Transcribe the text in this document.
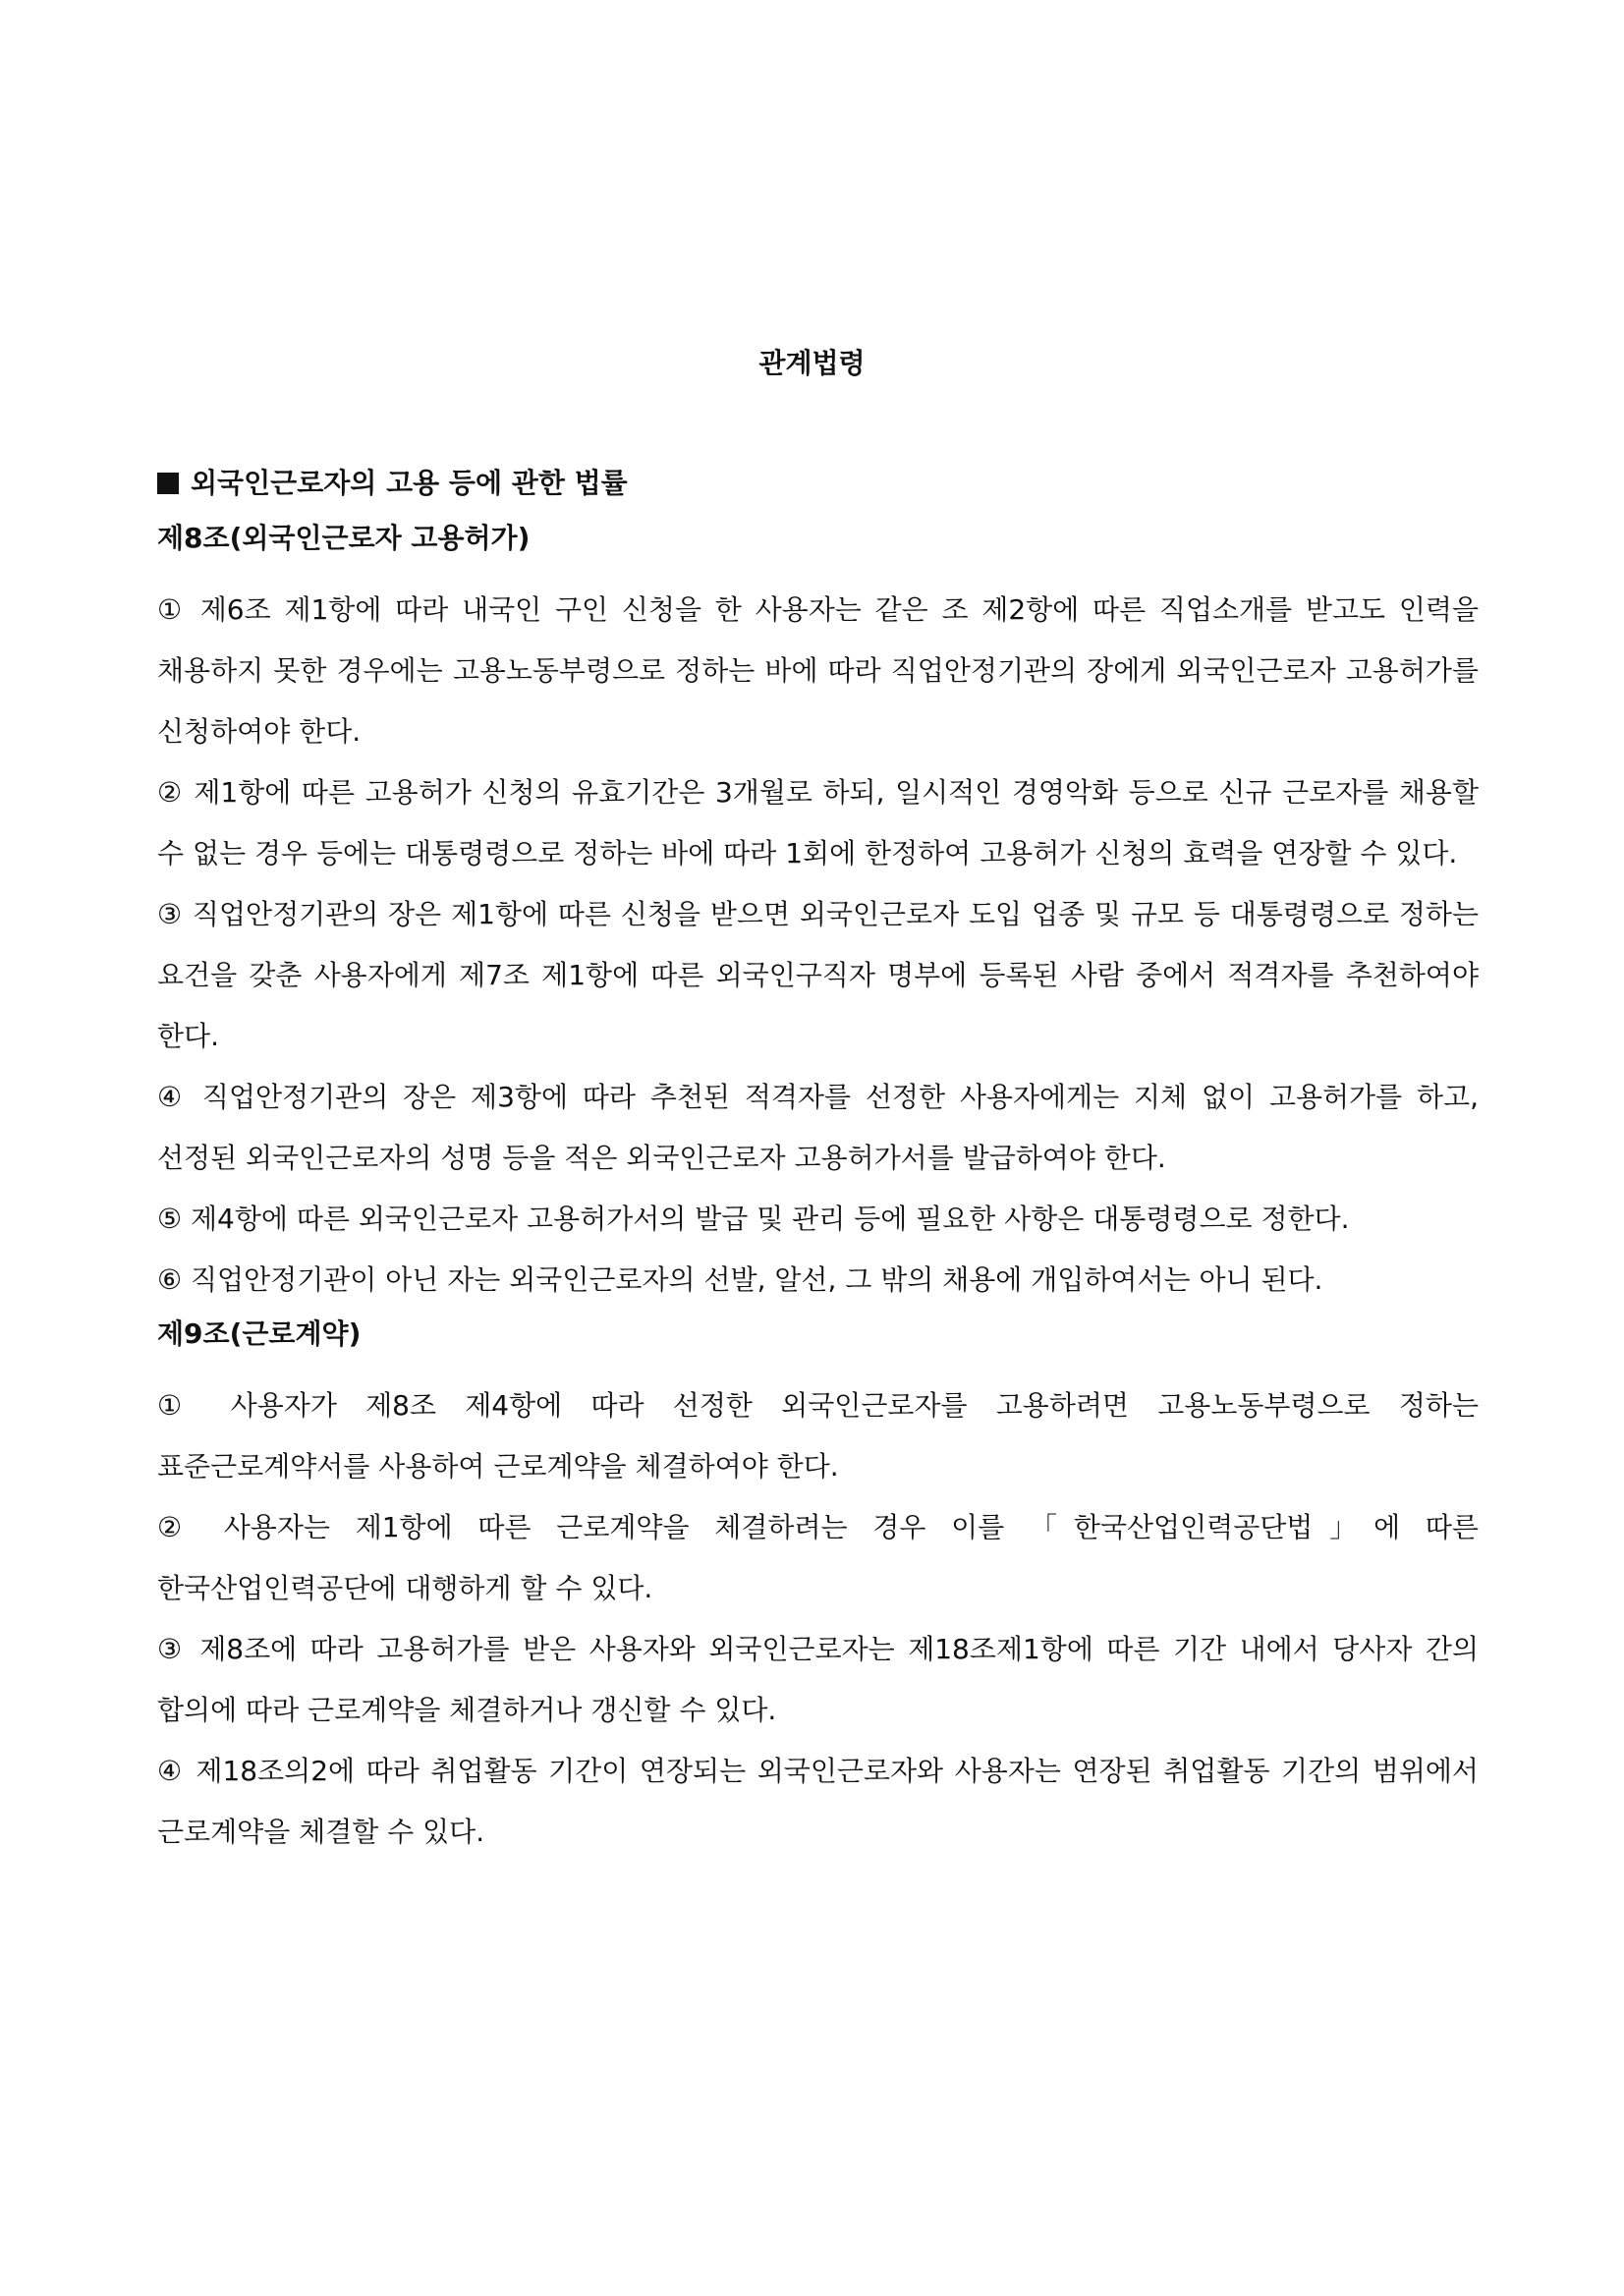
관계법령
외국인근로자의 고용 등에 관한 법률
제8조(외국인근로자 고용허가)

① 제6조 제1항에 따라 내국인 구인 신청을 한 사용자는 같은 조 제2항에 따른 직업소개를 받고도 인력을 채용하지 못한 경우에는 고용노동부령으로 정하는 바에 따라 직업안정기관의 장에게 외국인근로자 고용허가를 신청하여야 한다.

② 제1항에 따른 고용허가 신청의 유효기간은 3개월로 하되, 일시적인 경영악화 등으로 신규 근로자를 채용할 수 없는 경우 등에는 대통령령으로 정하는 바에 따라 1회에 한정하여 고용허가 신청의 효력을 연장할 수 있다.

③ 직업안정기관의 장은 제1항에 따른 신청을 받으면 외국인근로자 도입 업종 및 규모 등 대통령령으로 정하는 요건을 갖춘 사용자에게 제7조 제1항에 따른 외국인구직자 명부에 등록된 사람 중에서 적격자를 추천하여야 한다.

④ 직업안정기관의 장은 제3항에 따라 추천된 적격자를 선정한 사용자에게는 지체 없이 고용허가를 하고, 선정된 외국인근로자의 성명 등을 적은 외국인근로자 고용허가서를 발급하여야 한다.

⑤ 제4항에 따른 외국인근로자 고용허가서의 발급 및 관리 등에 필요한 사항은 대통령령으로 정한다.

⑥ 직업안정기관이 아닌 자는 외국인근로자의 선발, 알선, 그 밖의 채용에 개입하여서는 아니 된다.

제9조(근로계약)

① 사용자가 제8조 제4항에 따라 선정한 외국인근로자를 고용하려면 고용노동부령으로 정하는 표준근로계약서를 사용하여 근로계약을 체결하여야 한다.

② 사용자는 제1항에 따른 근로계약을 체결하려는 경우 이를 「한국산업인력공단법」에 따른 한국산업인력공단에 대행하게 할 수 있다.

③ 제8조에 따라 고용허가를 받은 사용자와 외국인근로자는 제18조제1항에 따른 기간 내에서 당사자 간의 합의에 따라 근로계약을 체결하거나 갱신할 수 있다.

④ 제18조의2에 따라 취업활동 기간이 연장되는 외국인근로자와 사용자는 연장된 취업활동 기간의 범위에서 근로계약을 체결할 수 있다.
